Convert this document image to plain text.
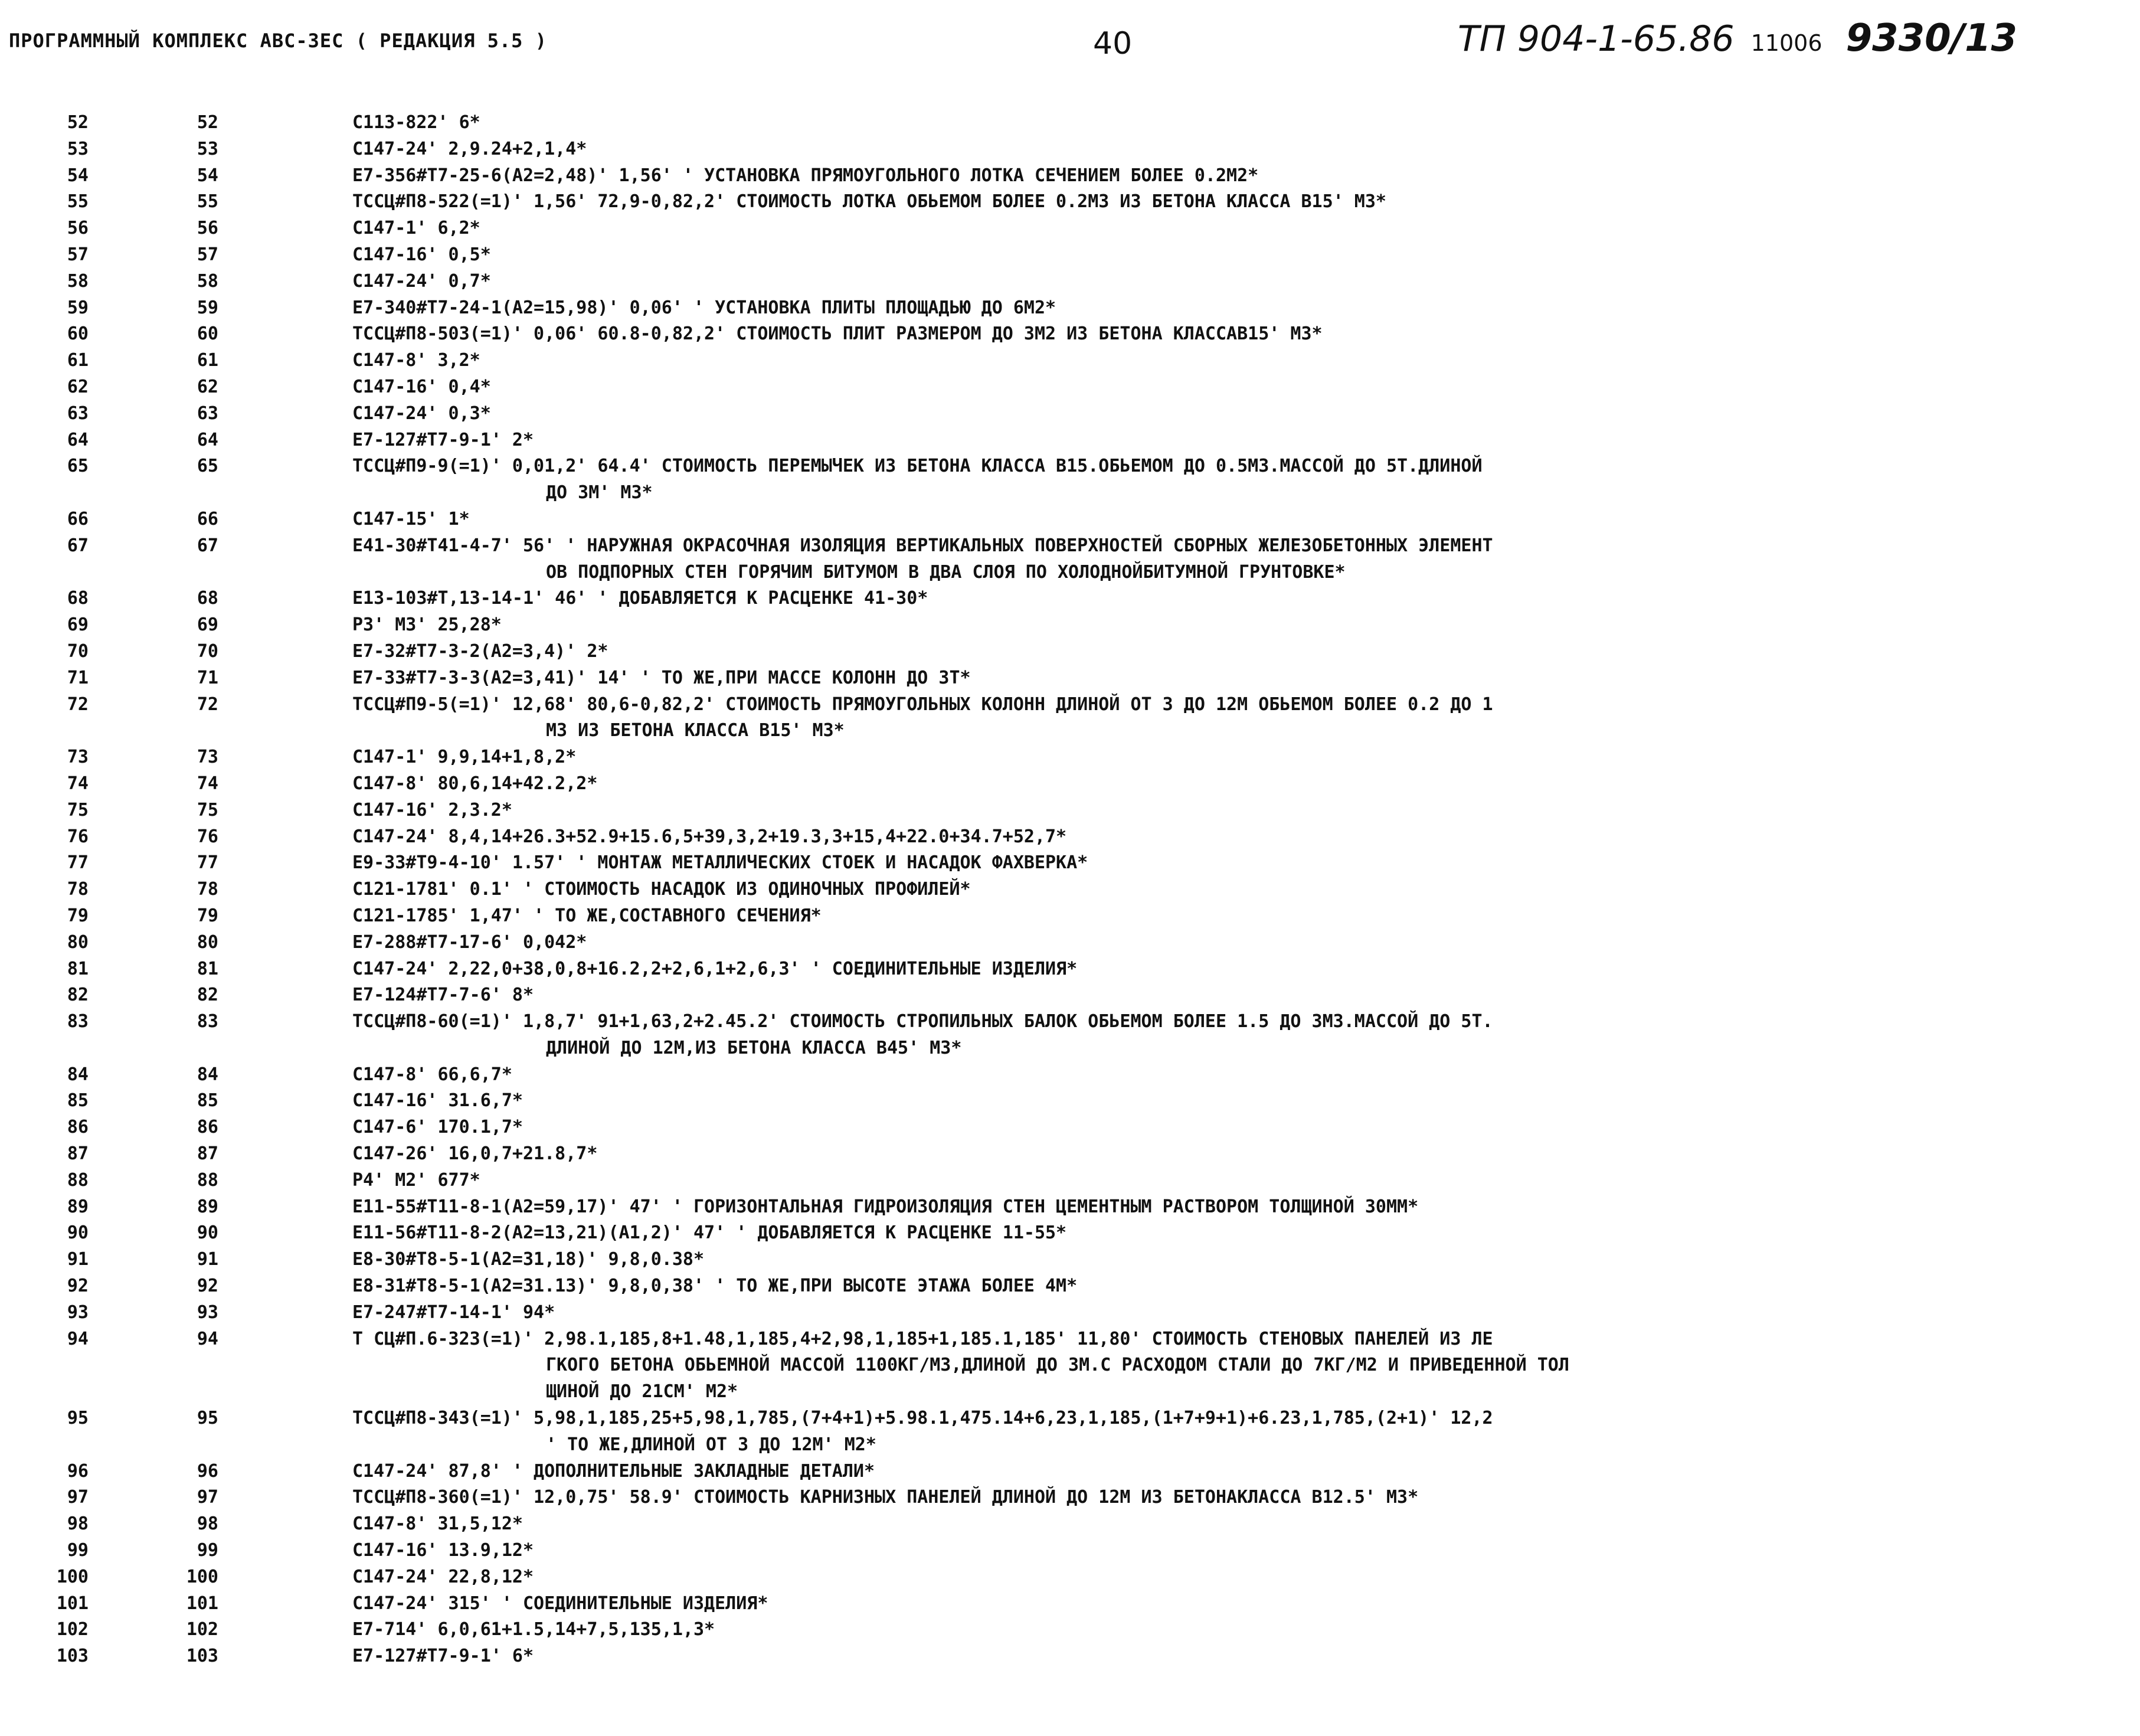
ПРОГРАММНЫЙ КОМПЛЕКС АВС-3ЕС ( РЕДАКЦИЯ 5.5 )	40	ТП 904-1-65.86 11006 9330/13
52	52	С113-822' 6*
53	53	С147-24' 2,9.24+2,1,4*
54	54	Е7-356#Т7-25-6(А2=2,48)' 1,56' ' УСТАНОВКА ПРЯМОУГОЛЬНОГО ЛОТКА СЕЧЕНИЕМ БОЛЕЕ 0.2М2*
55	55	ТССЦ#П8-522(=1)' 1,56' 72,9-0,82,2' СТОИМОСТЬ ЛОТКА ОБЬЕМОМ БОЛЕЕ 0.2М3 ИЗ БЕТОНА КЛАССА В15' М3*
56	56	С147-1' 6,2*
57	57	С147-16' 0,5*
58	58	С147-24' 0,7*
59	59	Е7-340#Т7-24-1(А2=15,98)' 0,06' ' УСТАНОВКА ПЛИТЫ ПЛОЩАДЬЮ ДО 6М2*
60	60	ТССЦ#П8-503(=1)' 0,06' 60.8-0,82,2' СТОИМОСТЬ ПЛИТ РАЗМЕРОМ ДО 3М2 ИЗ БЕТОНА КЛАССАВ15' М3*
61	61	С147-8' 3,2*
62	62	С147-16' 0,4*
63	63	С147-24' 0,3*
64	64	Е7-127#Т7-9-1' 2*
65	65	ТССЦ#П9-9(=1)' 0,01,2' 64.4' СТОИМОСТЬ ПЕРЕМЫЧЕК ИЗ БЕТОНА КЛАССА В15.ОБЬЕМОМ ДО 0.5М3.МАССОЙ ДО 5Т.ДЛИНОЙ
ДО 3М' М3*
66	66	С147-15' 1*
67	67	Е41-30#Т41-4-7' 56' ' НАРУЖНАЯ ОКРАСОЧНАЯ ИЗОЛЯЦИЯ ВЕРТИКАЛЬНЫХ ПОВЕРХНОСТЕЙ СБОРНЫХ ЖЕЛЕЗОБЕТОННЫХ ЭЛЕМЕНТ
ОВ ПОДПОРНЫХ СТЕН ГОРЯЧИМ БИТУМОМ В ДВА СЛОЯ ПО ХОЛОДНОЙБИТУМНОЙ ГРУНТОВКЕ*
68	68	Е13-103#Т,13-14-1' 46' ' ДОБАВЛЯЕТСЯ К РАСЦЕНКЕ 41-30*
69	69	Р3' М3' 25,28*
70	70	Е7-32#Т7-3-2(А2=3,4)' 2*
71	71	Е7-33#Т7-3-3(А2=3,41)' 14' ' ТО ЖЕ,ПРИ МАССЕ КОЛОНН ДО 3Т*
72	72	ТССЦ#П9-5(=1)' 12,68' 80,6-0,82,2' СТОИМОСТЬ ПРЯМОУГОЛЬНЫХ КОЛОНН ДЛИНОЙ ОТ 3 ДО 12М ОБЬЕМОМ БОЛЕЕ 0.2 ДО 1
М3 ИЗ БЕТОНА КЛАССА В15' М3*
73	73	С147-1' 9,9,14+1,8,2*
74	74	С147-8' 80,6,14+42.2,2*
75	75	С147-16' 2,3.2*
76	76	С147-24' 8,4,14+26.3+52.9+15.6,5+39,3,2+19.3,3+15,4+22.0+34.7+52,7*
77	77	Е9-33#Т9-4-10' 1.57' ' МОНТАЖ МЕТАЛЛИЧЕСКИХ СТОЕК И НАСАДОК ФАХВЕРКА*
78	78	С121-1781' 0.1' ' СТОИМОСТЬ НАСАДОК ИЗ ОДИНОЧНЫХ ПРОФИЛЕЙ*
79	79	С121-1785' 1,47' ' ТО ЖЕ,СОСТАВНОГО СЕЧЕНИЯ*
80	80	Е7-288#Т7-17-6' 0,042*
81	81	С147-24' 2,22,0+38,0,8+16.2,2+2,6,1+2,6,3' ' СОЕДИНИТЕЛЬНЫЕ ИЗДЕЛИЯ*
82	82	Е7-124#Т7-7-6' 8*
83	83	ТССЦ#П8-60(=1)' 1,8,7' 91+1,63,2+2.45.2' СТОИМОСТЬ СТРОПИЛЬНЫХ БАЛОК ОБЬЕМОМ БОЛЕЕ 1.5 ДО 3М3.МАССОЙ ДО 5Т.
ДЛИНОЙ ДО 12М,ИЗ БЕТОНА КЛАССА В45' М3*
84	84	С147-8' 66,6,7*
85	85	С147-16' 31.6,7*
86	86	С147-6' 170.1,7*
87	87	С147-26' 16,0,7+21.8,7*
88	88	Р4' М2' 677*
89	89	Е11-55#Т11-8-1(А2=59,17)' 47' ' ГОРИЗОНТАЛЬНАЯ ГИДРОИЗОЛЯЦИЯ СТЕН ЦЕМЕНТНЫМ РАСТВОРОМ ТОЛЩИНОЙ 30ММ*
90	90	Е11-56#Т11-8-2(А2=13,21)(А1,2)' 47' ' ДОБАВЛЯЕТСЯ К РАСЦЕНКЕ 11-55*
91	91	Е8-30#Т8-5-1(А2=31,18)' 9,8,0.38*
92	92	Е8-31#Т8-5-1(А2=31.13)' 9,8,0,38' ' ТО ЖЕ,ПРИ ВЫСОТЕ ЭТАЖА БОЛЕЕ 4М*
93	93	Е7-247#Т7-14-1' 94*
94	94	Т СЦ#П.6-323(=1)' 2,98.1,185,8+1.48,1,185,4+2,98,1,185+1,185.1,185' 11,80' СТОИМОСТЬ СТЕНОВЫХ ПАНЕЛЕЙ ИЗ ЛЕ
ГКОГО БЕТОНА ОБЬЕМНОЙ МАССОЙ 1100КГ/М3,ДЛИНОЙ ДО 3М.С РАСХОДОМ СТАЛИ ДО 7КГ/М2 И ПРИВЕДЕННОЙ ТОЛ
ЩИНОЙ ДО 21СМ' М2*
95	95	ТССЦ#П8-343(=1)' 5,98,1,185,25+5,98,1,785,(7+4+1)+5.98.1,475.14+6,23,1,185,(1+7+9+1)+6.23,1,785,(2+1)' 12,2
' ТО ЖЕ,ДЛИНОЙ ОТ 3 ДО 12М' М2*
96	96	С147-24' 87,8' ' ДОПОЛНИТЕЛЬНЫЕ ЗАКЛАДНЫЕ ДЕТАЛИ*
97	97	ТССЦ#П8-360(=1)' 12,0,75' 58.9' СТОИМОСТЬ КАРНИЗНЫХ ПАНЕЛЕЙ ДЛИНОЙ ДО 12М ИЗ БЕТОНАКЛАССА В12.5' М3*
98	98	С147-8' 31,5,12*
99	99	С147-16' 13.9,12*
100	100	С147-24' 22,8,12*
101	101	С147-24' 315' ' СОЕДИНИТЕЛЬНЫЕ ИЗДЕЛИЯ*
102	102	Е7-714' 6,0,61+1.5,14+7,5,135,1,3*
103	103	Е7-127#Т7-9-1' 6*
